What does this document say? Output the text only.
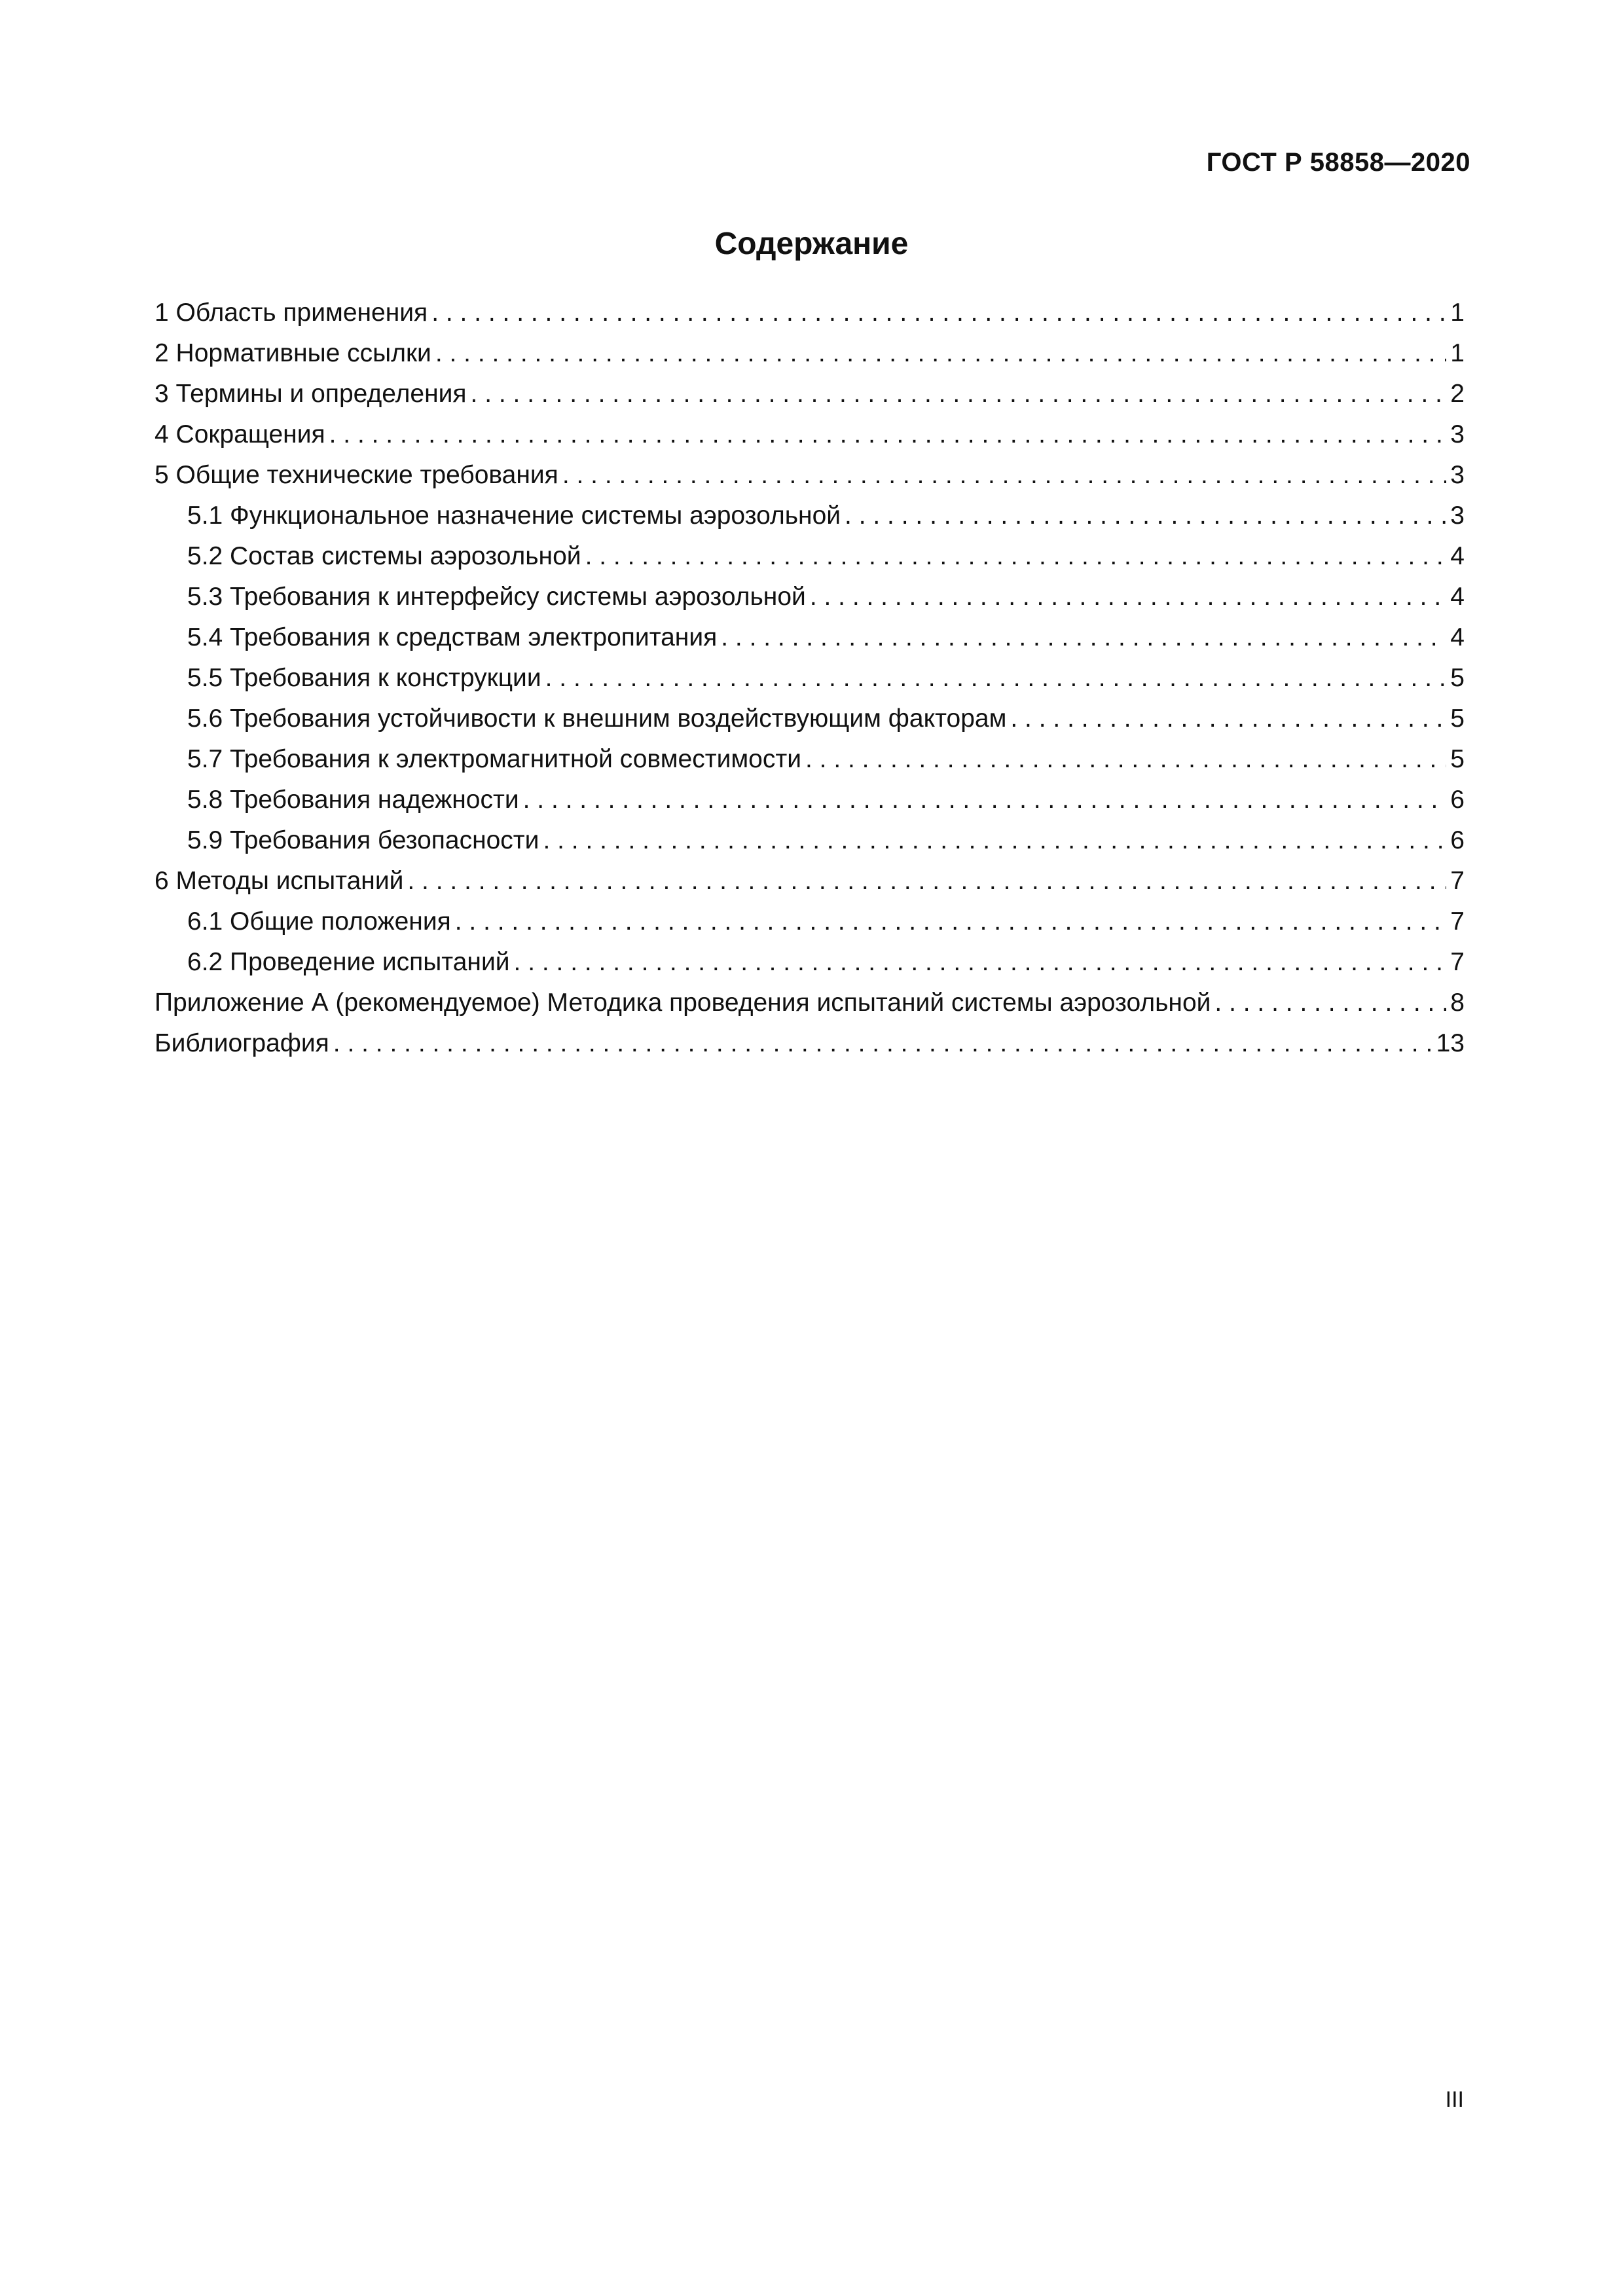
ГОСТ Р 58858—2020
Содержание
1 Область применения . . .	1
2 Нормативные ссылки . . .	1
3 Термины и определения . . .	2
4 Сокращения . . .	3
5 Общие технические требования . . .	3
5.1 Функциональное назначение системы аэрозольной . . .	3
5.2 Состав системы аэрозольной . . .	4
5.3 Требования к интерфейсу системы аэрозольной . . .	4
5.4 Требования к средствам электропитания . . .	4
5.5 Требования к конструкции . . .	5
5.6 Требования устойчивости к внешним воздействующим факторам . . .	5
5.7 Требования к электромагнитной совместимости . . .	5
5.8 Требования надежности . . .	6
5.9 Требования безопасности . . .	6
6 Методы испытаний . . .	7
6.1 Общие положения . . .	7
6.2 Проведение испытаний . . .	7
Приложение А (рекомендуемое) Методика проведения испытаний системы аэрозольной . . .	8
Библиография . . .	13
III
